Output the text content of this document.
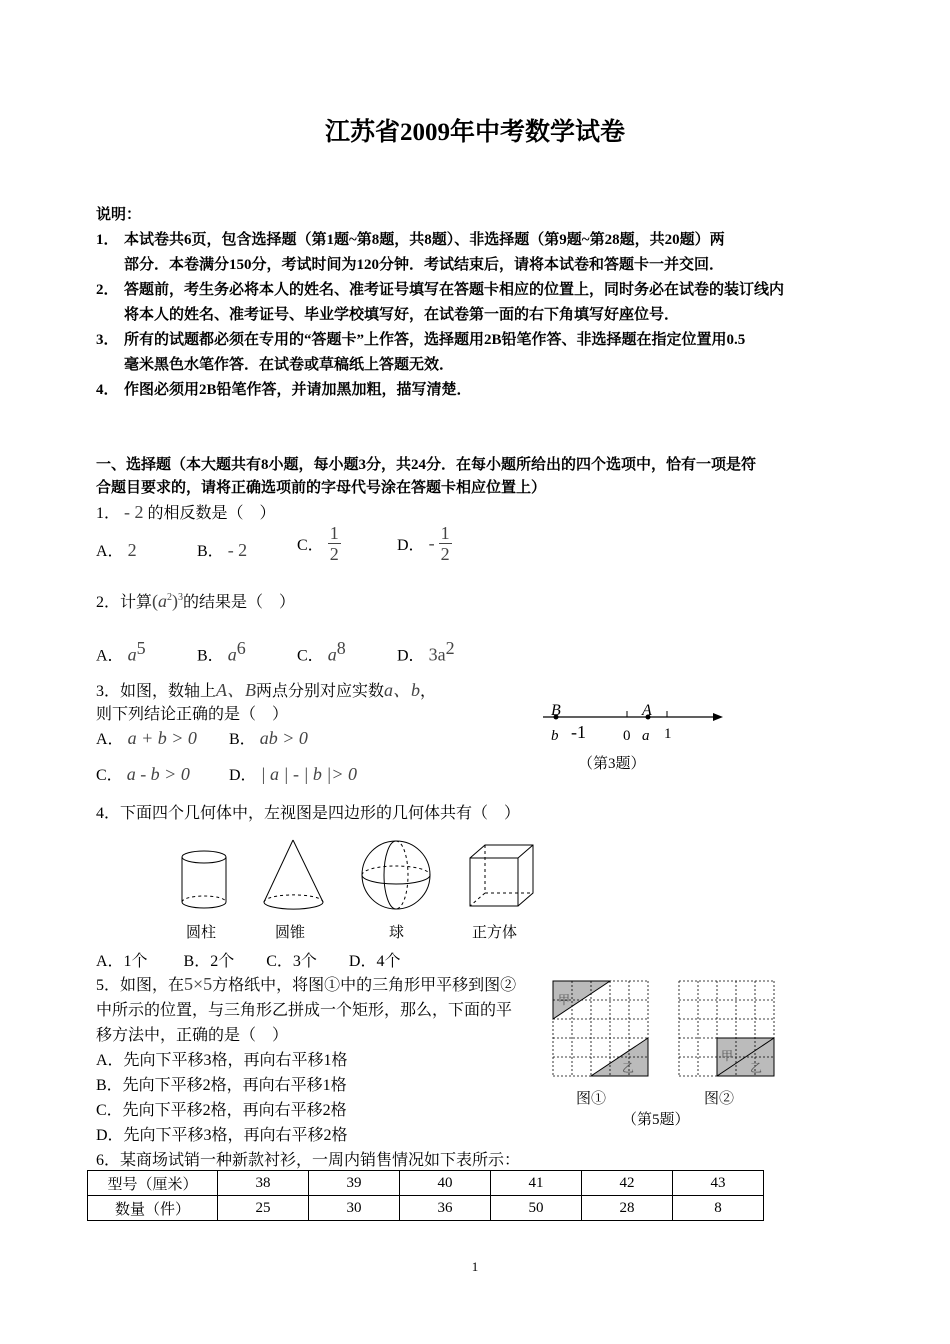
江苏省2009年中考数学试卷
说明：
1． 本试卷共6页，包含选择题（第1题~第8题，共8题）、非选择题（第9题~第28题，共20题）两
部分．本卷满分150分，考试时间为120分钟．考试结束后，请将本试卷和答题卡一并交回．
2． 答题前，考生务必将本人的姓名、准考证号填写在答题卡相应的位置上，同时务必在试卷的装订线内
将本人的姓名、准考证号、毕业学校填写好，在试卷第一面的右下角填写好座位号．
3． 所有的试题都必须在专用的“答题卡”上作答，选择题用2B铅笔作答、非选择题在指定位置用0.5
毫米黑色水笔作答．在试卷或草稿纸上答题无效．
4． 作图必须用2B铅笔作答，并请加黑加粗，描写清楚．
一、选择题（本大题共有8小题，每小题3分，共24分．在每小题所给出的四个选项中，恰有一项是符
合题目要求的，请将正确选项前的字母代号涂在答题卡相应位置上）
1． - 2 的相反数是（　）
A． 2	B． - 2	C． $\frac{1}{2}$	D． - $\frac{1}{2}$
2．计算$(a^2)^3$的结果是（　）
A． $a^5$	B． $a^6$	C． $a^8$	D． $3a^2$
3．如图，数轴上A、B两点分别对应实数a、b，
则下列结论正确的是（　）
A． a + b > 0 B． ab > 0
C． a - b > 0 D． | a | - | b |> 0
B	A
b -1 0 a 1
（第3题）
4．下面四个几何体中，左视图是四边形的几何体共有（　）
圆柱	圆锥	球	正方体
A．1个　　 B．2个　　C．3个　　D．4个
5．如图，在5×5方格纸中，将图①中的三角形甲平移到图②
中所示的位置，与三角形乙拼成一个矩形，那么，下面的平
移方法中，正确的是（　）
A．先向下平移3格，再向右平移1格
B．先向下平移2格，再向右平移1格
C．先向下平移2格，再向右平移2格
D．先向下平移3格，再向右平移2格
甲
乙
甲
乙
图①	图②
（第5题）
6．某商场试销一种新款衬衫，一周内销售情况如下表所示：
型号（厘米）	38	39	40	41	42	43
数量（件）	25	30	36	50	28	8
1
